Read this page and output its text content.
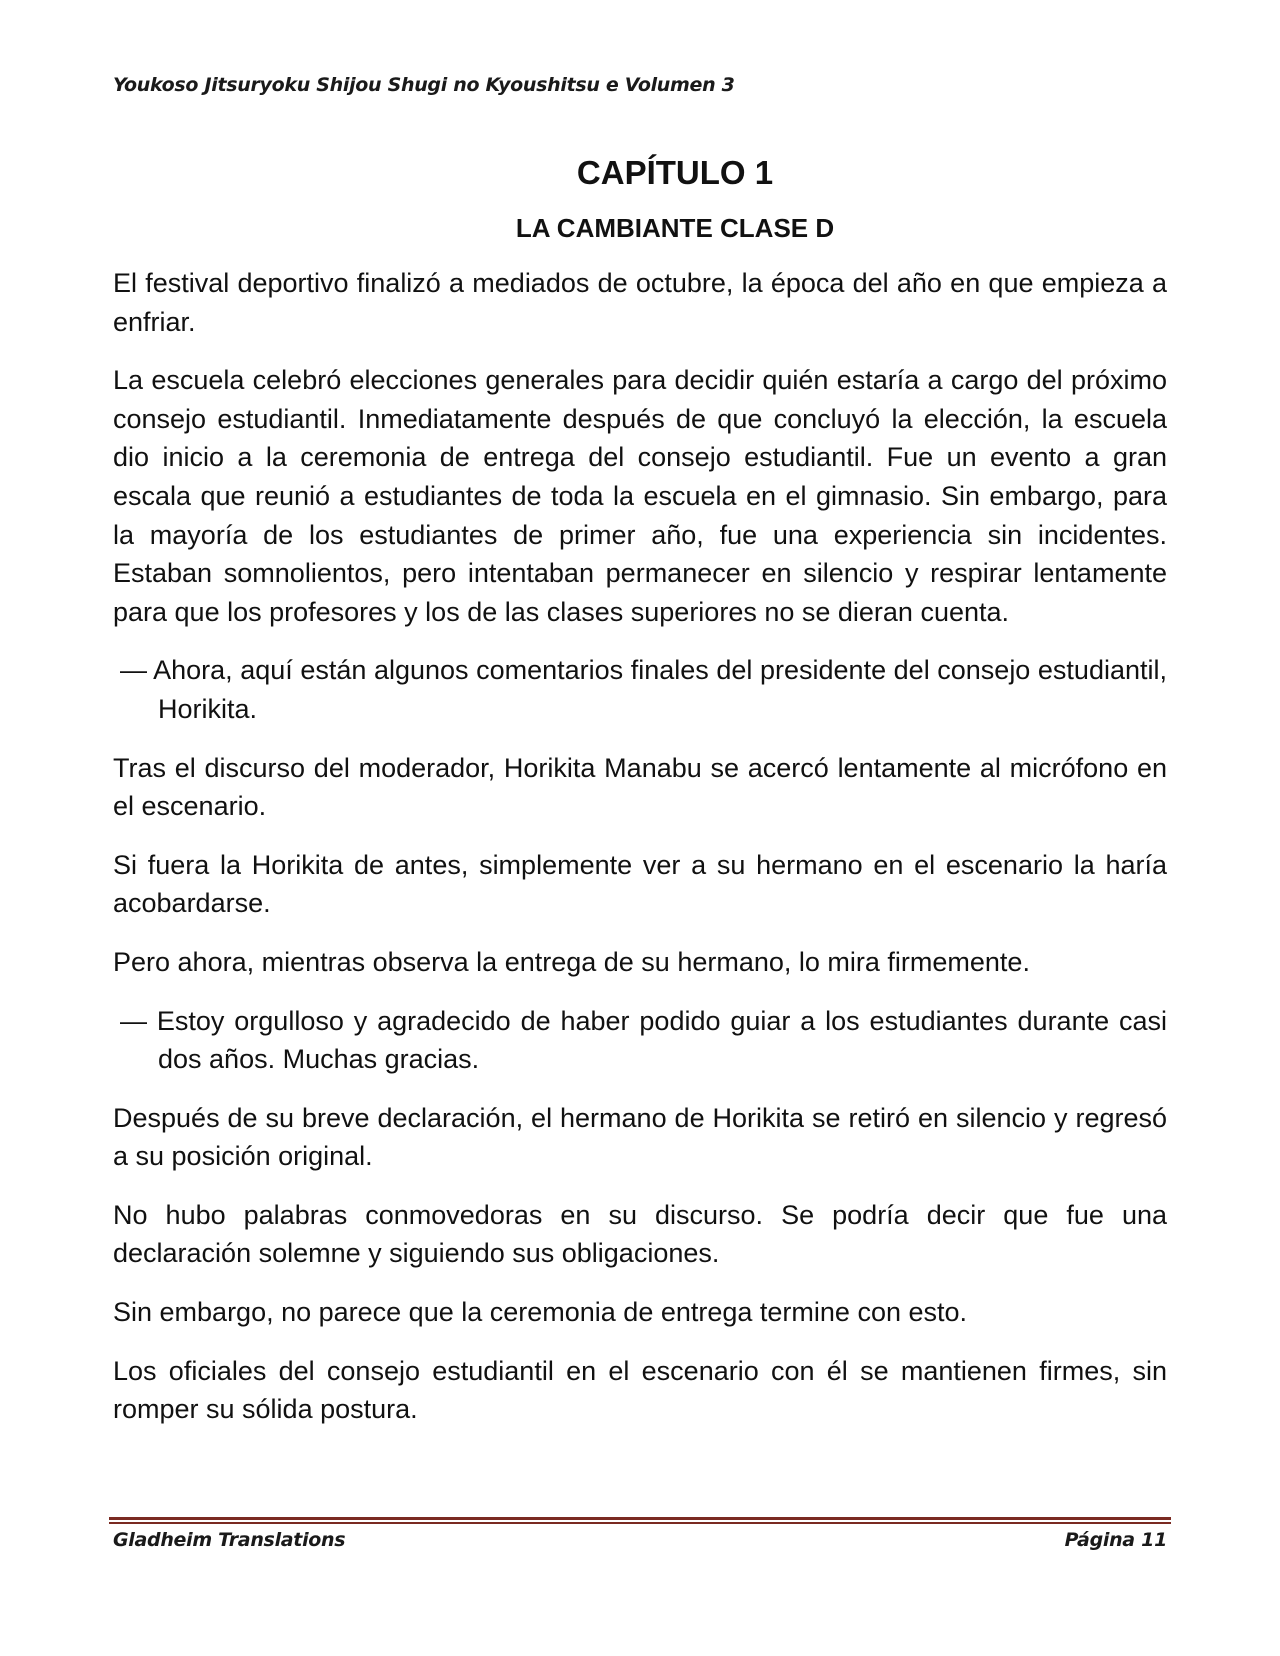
Youkoso Jitsuryoku Shijou Shugi no Kyoushitsu e Volumen 3
CAPÍTULO 1
LA CAMBIANTE CLASE D

El festival deportivo finalizó a mediados de octubre, la época del año en que empieza a enfriar.

La escuela celebró elecciones generales para decidir quién estaría a cargo del próximo consejo estudiantil. Inmediatamente después de que concluyó la elección, la escuela dio inicio a la ceremonia de entrega del consejo estudiantil. Fue un evento a gran escala que reunió a estudiantes de toda la escuela en el gimnasio. Sin embargo, para la mayoría de los estudiantes de primer año, fue una experiencia sin incidentes. Estaban somnolientos, pero intentaban permanecer en silencio y respirar lentamente para que los profesores y los de las clases superiores no se dieran cuenta.

— Ahora, aquí están algunos comentarios finales del presidente del consejo estudiantil, Horikita.

Tras el discurso del moderador, Horikita Manabu se acercó lentamente al micrófono en el escenario.

Si fuera la Horikita de antes, simplemente ver a su hermano en el escenario la haría acobardarse.

Pero ahora, mientras observa la entrega de su hermano, lo mira firmemente.

— Estoy orgulloso y agradecido de haber podido guiar a los estudiantes durante casi dos años. Muchas gracias.

Después de su breve declaración, el hermano de Horikita se retiró en silencio y regresó a su posición original.

No hubo palabras conmovedoras en su discurso. Se podría decir que fue una declaración solemne y siguiendo sus obligaciones.

Sin embargo, no parece que la ceremonia de entrega termine con esto.

Los oficiales del consejo estudiantil en el escenario con él se mantienen firmes, sin romper su sólida postura.

Gladheim Translations	Página 11
